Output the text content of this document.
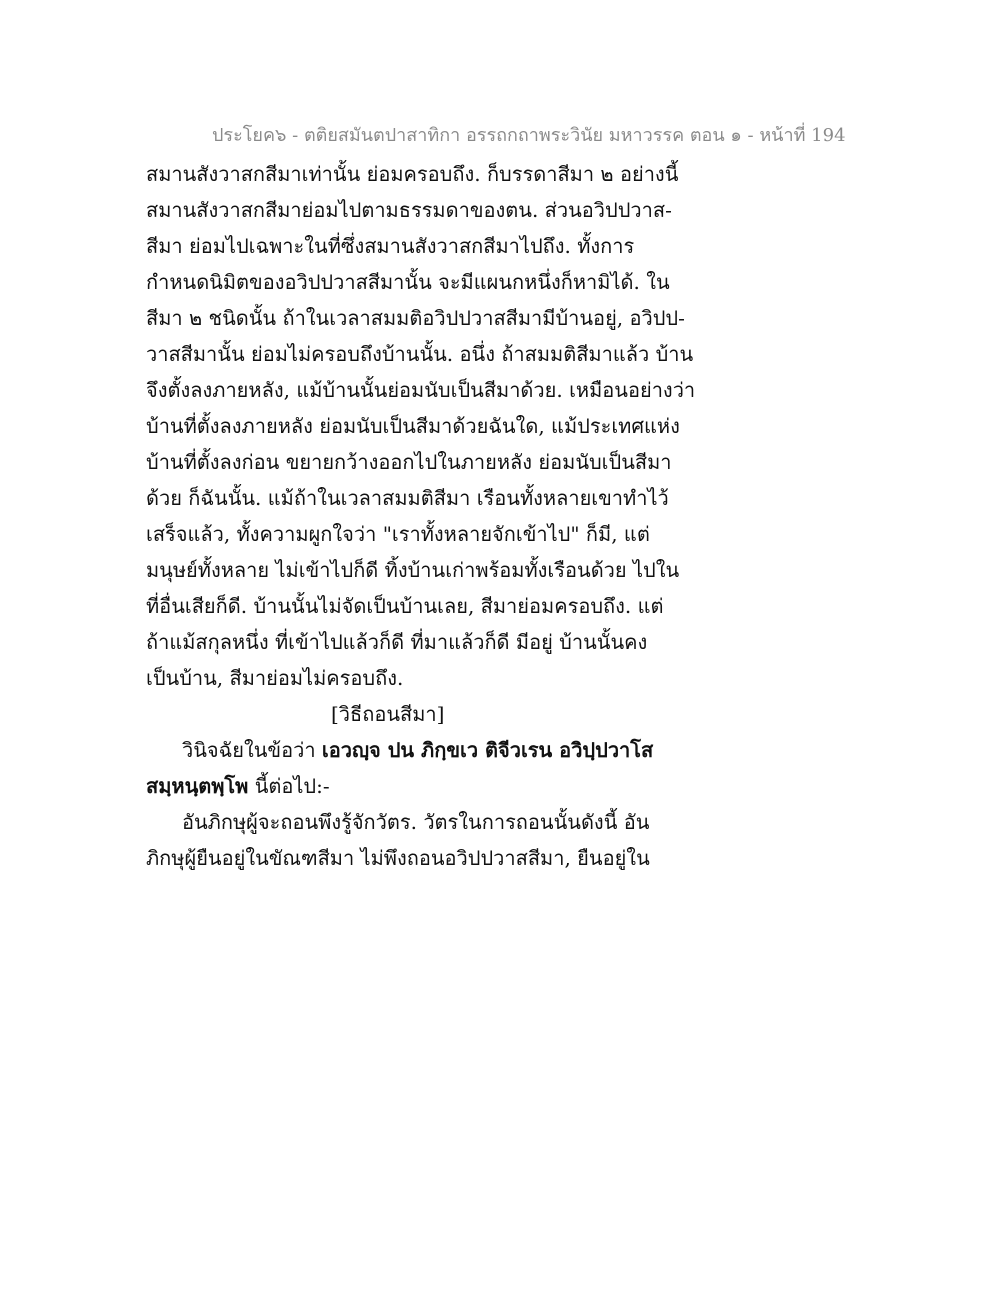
ประโยค๖ - ตติยสมันตปาสาทิกา อรรถกถาพระวินัย มหาวรรค ตอน ๑ - หน้าที่ 194
สมานสังวาสกสีมาเท่านั้น ย่อมครอบถึง. ก็บรรดาสีมา ๒ อย่างนี้
สมานสังวาสกสีมาย่อมไปตามธรรมดาของตน. ส่วนอวิปปวาส-
สีมา ย่อมไปเฉพาะในที่ซึ่งสมานสังวาสกสีมาไปถึง. ทั้งการ
กำหนดนิมิตของอวิปปวาสสีมานั้น จะมีแผนกหนึ่งก็หามิได้. ใน
สีมา ๒ ชนิดนั้น ถ้าในเวลาสมมติอวิปปวาสสีมามีบ้านอยู่, อวิปป-
วาสสีมานั้น ย่อมไม่ครอบถึงบ้านนั้น. อนึ่ง ถ้าสมมติสีมาแล้ว บ้าน
จึงตั้งลงภายหลัง, แม้บ้านนั้นย่อมนับเป็นสีมาด้วย. เหมือนอย่างว่า
บ้านที่ตั้งลงภายหลัง ย่อมนับเป็นสีมาด้วยฉันใด, แม้ประเทศแห่ง
บ้านที่ตั้งลงก่อน ขยายกว้างออกไปในภายหลัง ย่อมนับเป็นสีมา
ด้วย ก็ฉันนั้น. แม้ถ้าในเวลาสมมติสีมา เรือนทั้งหลายเขาทำไว้
เสร็จแล้ว, ทั้งความผูกใจว่า "เราทั้งหลายจักเข้าไป" ก็มี, แต่
มนุษย์ทั้งหลาย ไม่เข้าไปก็ดี ทิ้งบ้านเก่าพร้อมทั้งเรือนด้วย ไปใน
ที่อื่นเสียก็ดี. บ้านนั้นไม่จัดเป็นบ้านเลย, สีมาย่อมครอบถึง. แต่
ถ้าแม้สกุลหนึ่ง ที่เข้าไปแล้วก็ดี ที่มาแล้วก็ดี มีอยู่ บ้านนั้นคง
เป็นบ้าน, สีมาย่อมไม่ครอบถึง.
[วิธีถอนสีมา]
วินิจฉัยในข้อว่า เอวญฺจ ปน ภิกฺขเว ติจีวเรน อวิปฺปวาโส
สมฺหนฺตพฺโพ นี้ต่อไป:-
อันภิกษุผู้จะถอนพึงรู้จักวัตร. วัตรในการถอนนั้นดังนี้ อัน
ภิกษุผู้ยืนอยู่ในขัณฑสีมา ไม่พึงถอนอวิปปวาสสีมา, ยืนอยู่ใน
